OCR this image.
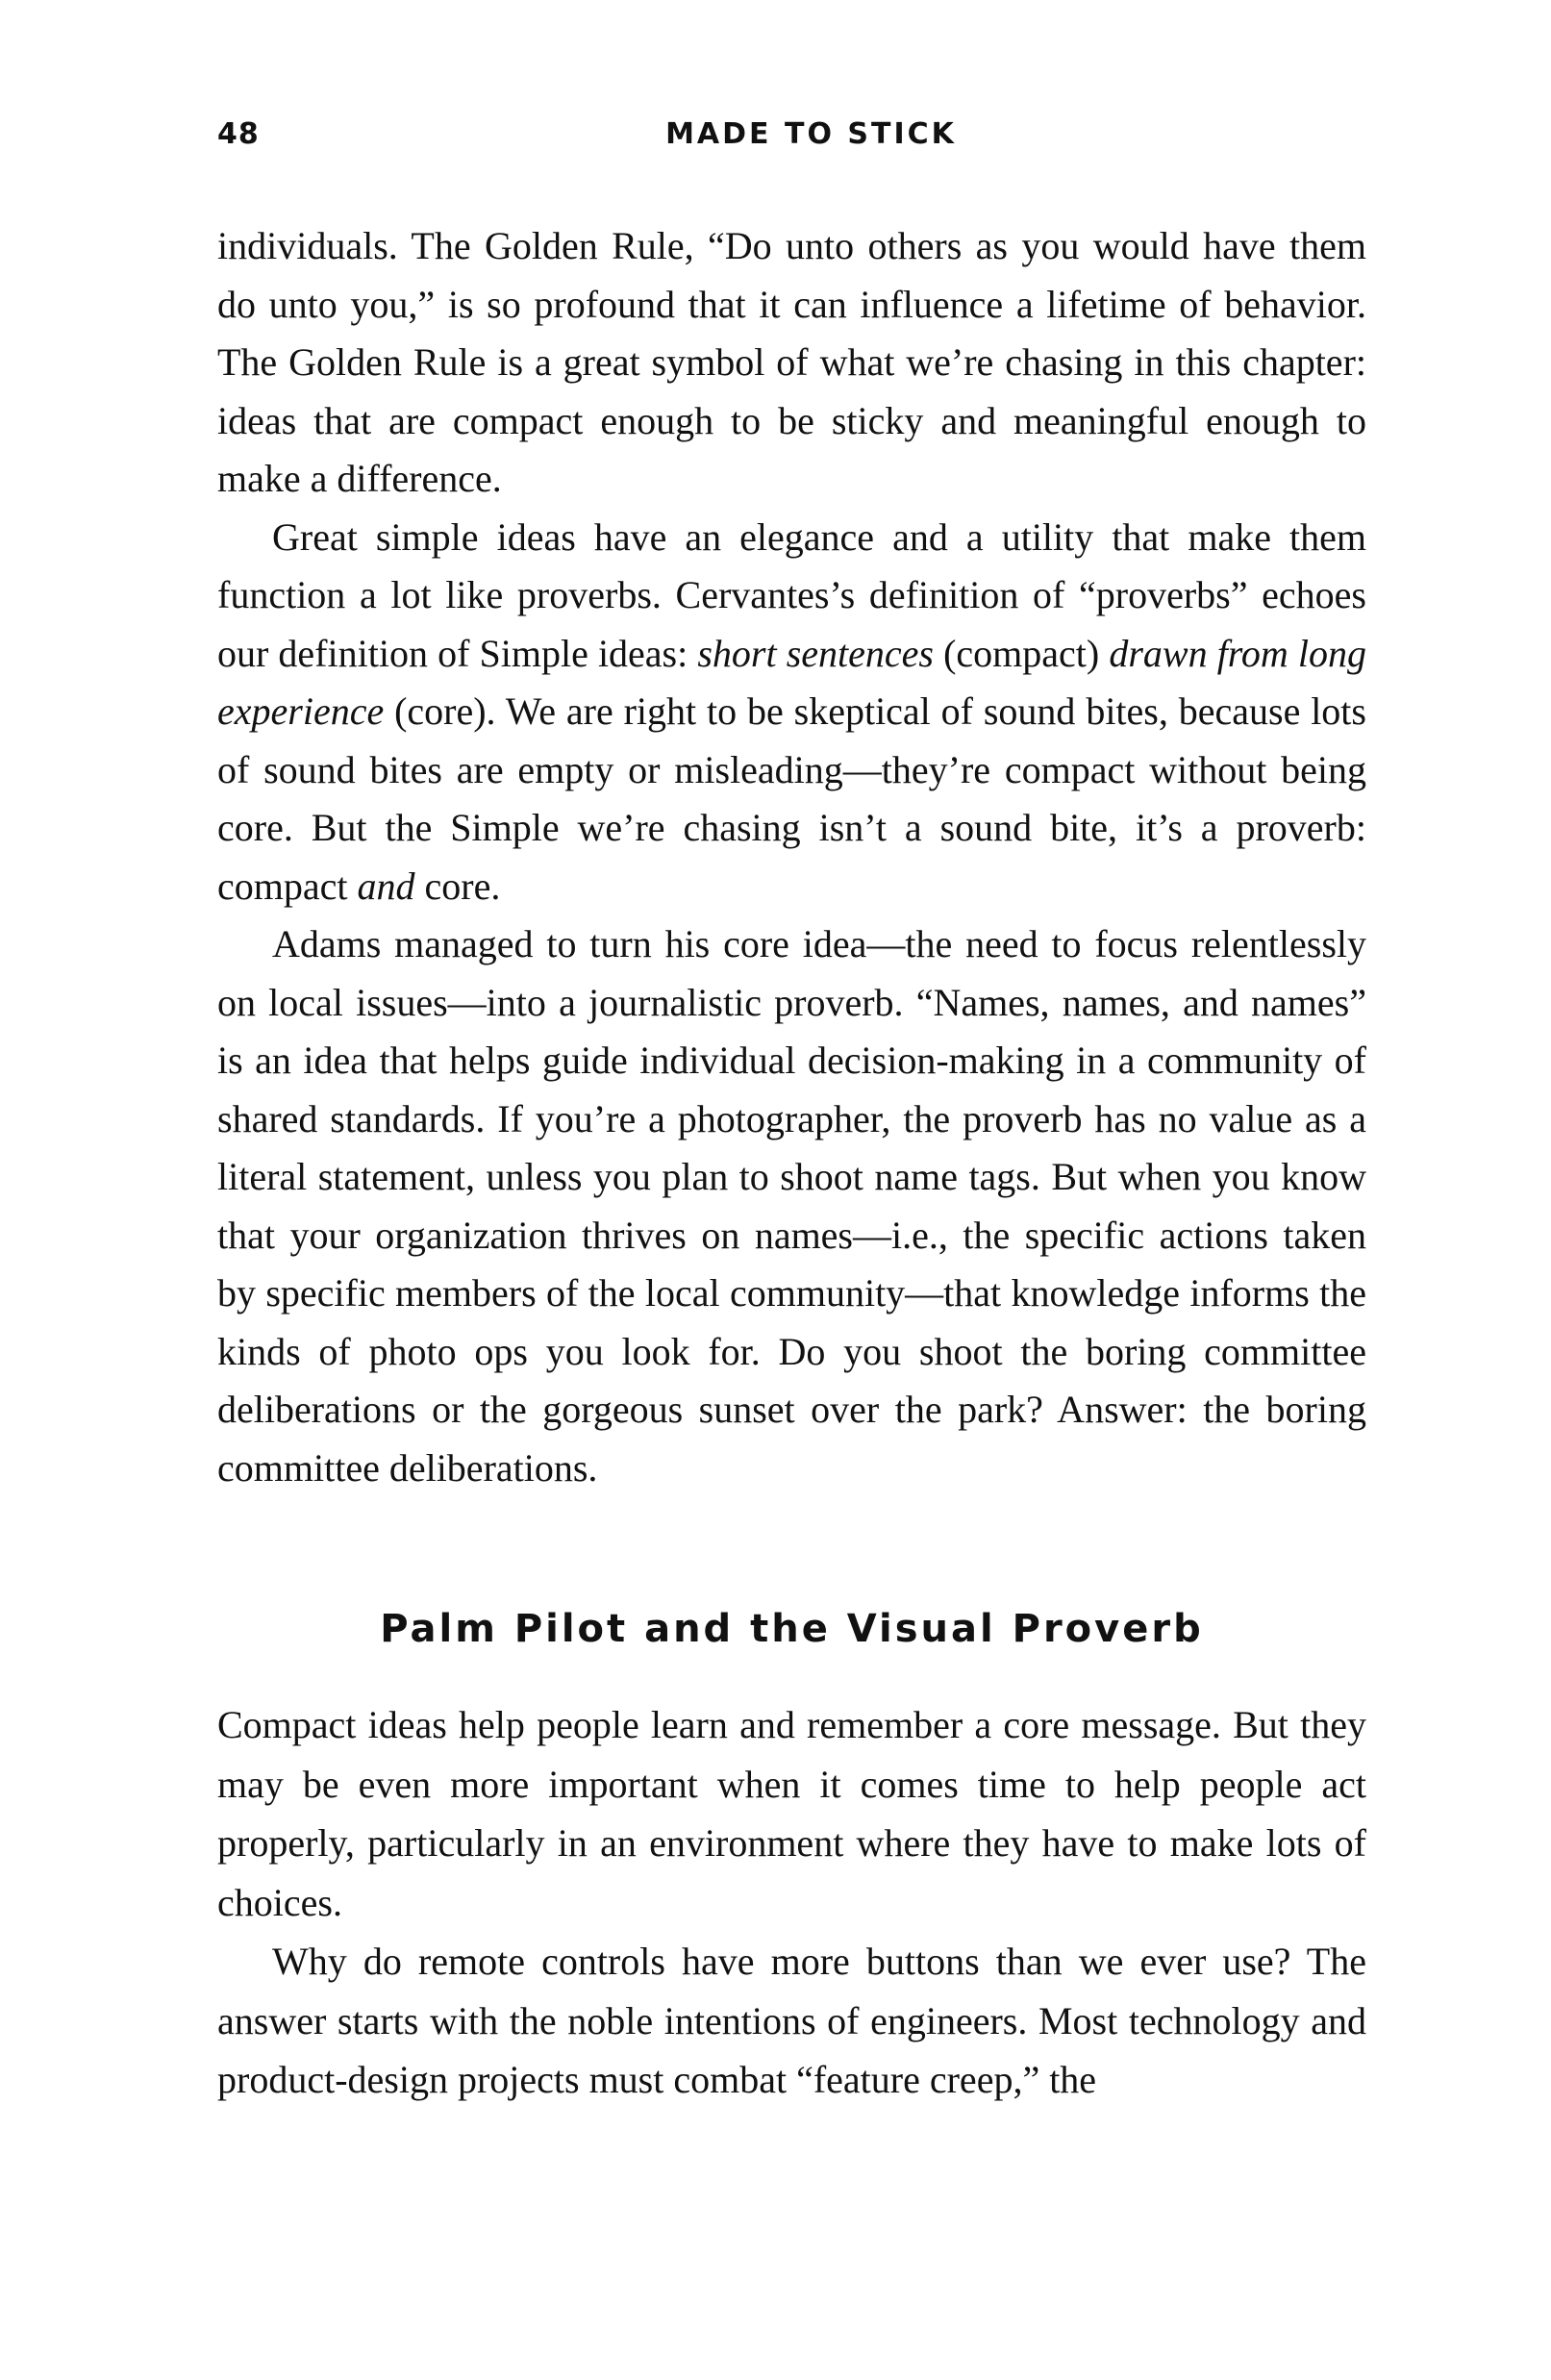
48	MADE TO STICK

individuals. The Golden Rule, “Do unto others as you would have them do unto you,” is so profound that it can influence a lifetime of behavior. The Golden Rule is a great symbol of what we’re chasing in this chapter: ideas that are compact enough to be sticky and meaningful enough to make a difference.

Great simple ideas have an elegance and a utility that make them function a lot like proverbs. Cervantes’s definition of “proverbs” echoes our definition of Simple ideas: short sentences (compact) drawn from long experience (core). We are right to be skeptical of sound bites, because lots of sound bites are empty or misleading—they’re compact without being core. But the Simple we’re chasing isn’t a sound bite, it’s a proverb: compact and core.

Adams managed to turn his core idea—the need to focus relentlessly on local issues—into a journalistic proverb. “Names, names, and names” is an idea that helps guide individual decision-making in a community of shared standards. If you’re a photographer, the proverb has no value as a literal statement, unless you plan to shoot name tags. But when you know that your organization thrives on names—i.e., the specific actions taken by specific members of the local community—that knowledge informs the kinds of photo ops you look for. Do you shoot the boring committee deliberations or the gorgeous sunset over the park? Answer: the boring committee deliberations.

Palm Pilot and the Visual Proverb

Compact ideas help people learn and remember a core message. But they may be even more important when it comes time to help people act properly, particularly in an environment where they have to make lots of choices.

Why do remote controls have more buttons than we ever use? The answer starts with the noble intentions of engineers. Most technology and product-design projects must combat “feature creep,” the
